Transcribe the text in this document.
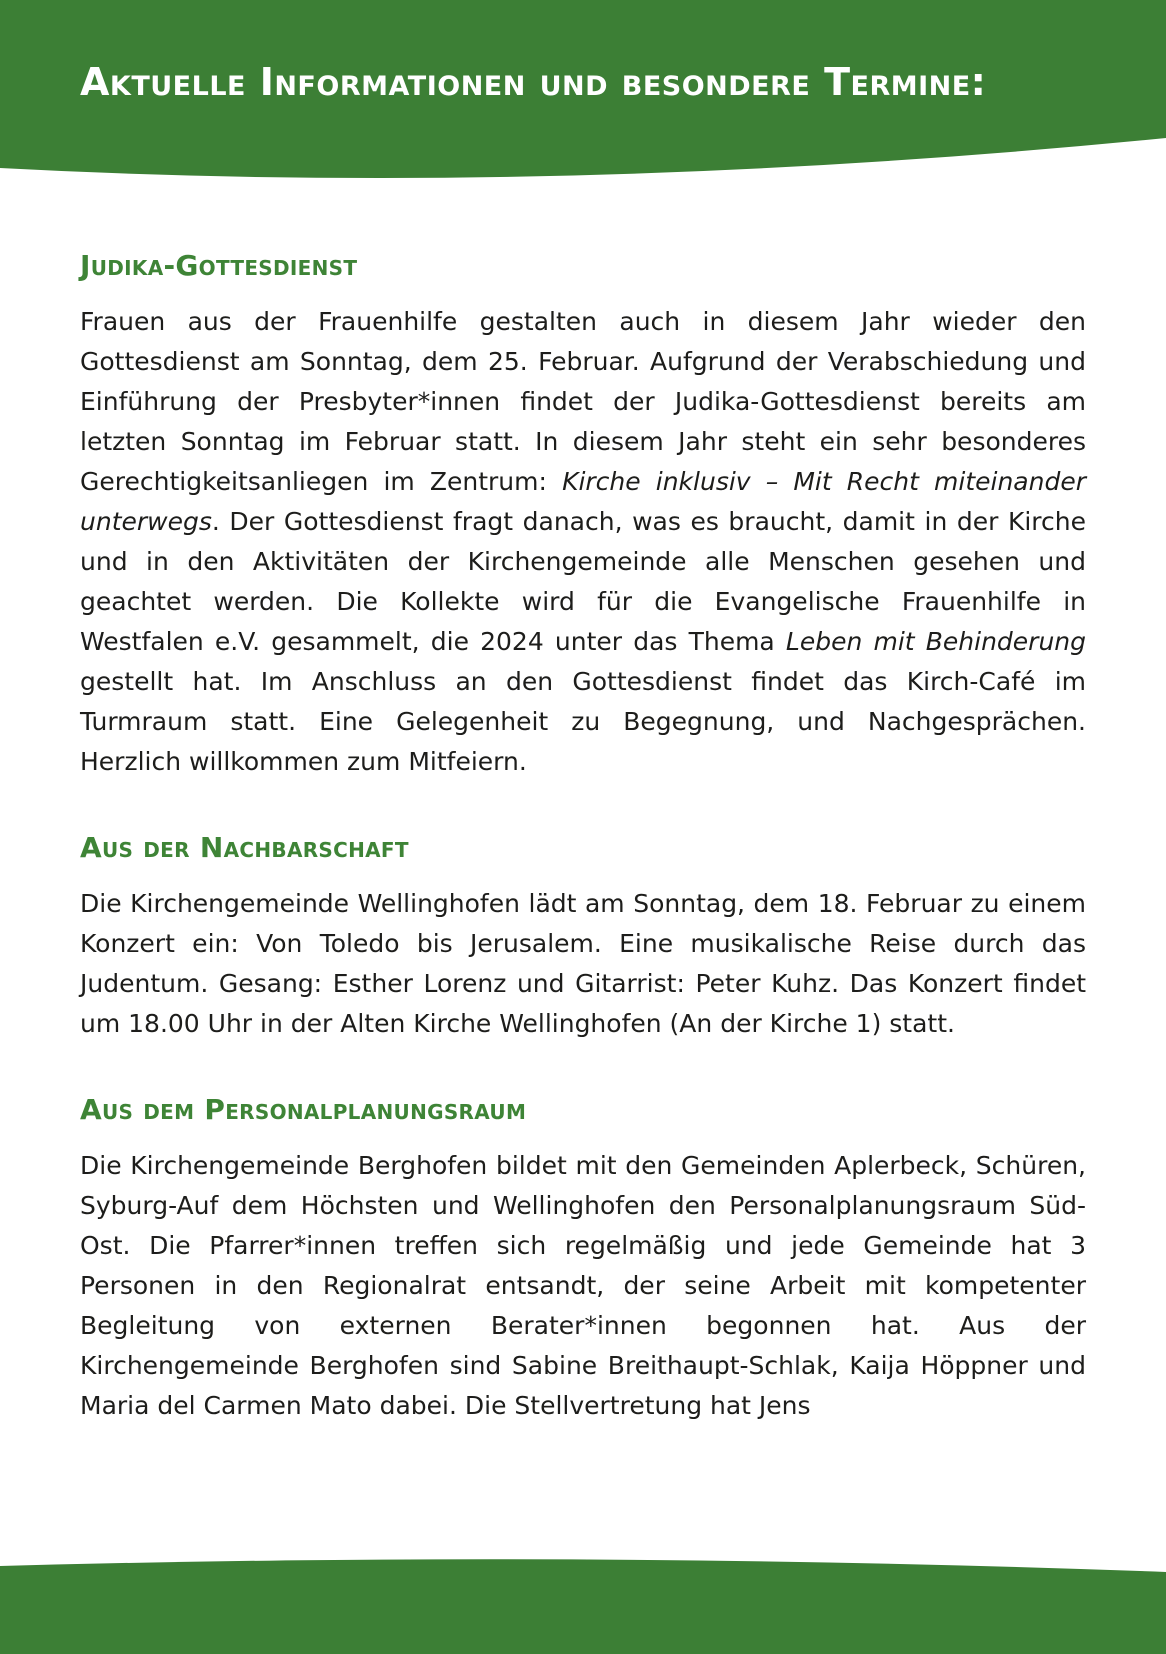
Aktuelle Informationen und besondere Termine:
Judika-Gottesdienst

Frauen aus der Frauenhilfe gestalten auch in diesem Jahr wieder den Gottesdienst am Sonntag, dem 25. Februar. Aufgrund der Verabschiedung und Einführung der Presbyter*innen findet der Judika-Gottesdienst bereits am letzten Sonntag im Februar statt. In diesem Jahr steht ein sehr besonderes Gerechtigkeitsanliegen im Zentrum: Kirche inklusiv – Mit Recht miteinander unterwegs. Der Gottesdienst fragt danach, was es braucht, damit in der Kirche und in den Aktivitäten der Kirchengemeinde alle Menschen gesehen und geachtet werden. Die Kollekte wird für die Evangelische Frauenhilfe in Westfalen e.V. gesammelt, die 2024 unter das Thema Leben mit Behinderung gestellt hat. Im Anschluss an den Gottesdienst findet das Kirch-Café im Turmraum statt. Eine Gelegenheit zu Begegnung, und Nachgesprächen. Herzlich willkommen zum Mitfeiern.

Aus der Nachbarschaft

Die Kirchengemeinde Wellinghofen lädt am Sonntag, dem 18. Februar zu einem Konzert ein: Von Toledo bis Jerusalem. Eine musikalische Reise durch das Judentum. Gesang: Esther Lorenz und Gitarrist: Peter Kuhz. Das Konzert findet um 18.00 Uhr in der Alten Kirche Wellinghofen (An der Kirche 1) statt.

Aus dem Personalplanungsraum

Die Kirchengemeinde Berghofen bildet mit den Gemeinden Aplerbeck, Schüren, Syburg-Auf dem Höchsten und Wellinghofen den Personalplanungsraum Süd-Ost. Die Pfarrer*innen treffen sich regelmäßig und jede Gemeinde hat 3 Personen in den Regionalrat entsandt, der seine Arbeit mit kompetenter Begleitung von externen Berater*innen begonnen hat. Aus der Kirchengemeinde Berghofen sind Sabine Breithaupt-Schlak, Kaija Höppner und Maria del Carmen Mato dabei. Die Stellvertretung hat Jens
